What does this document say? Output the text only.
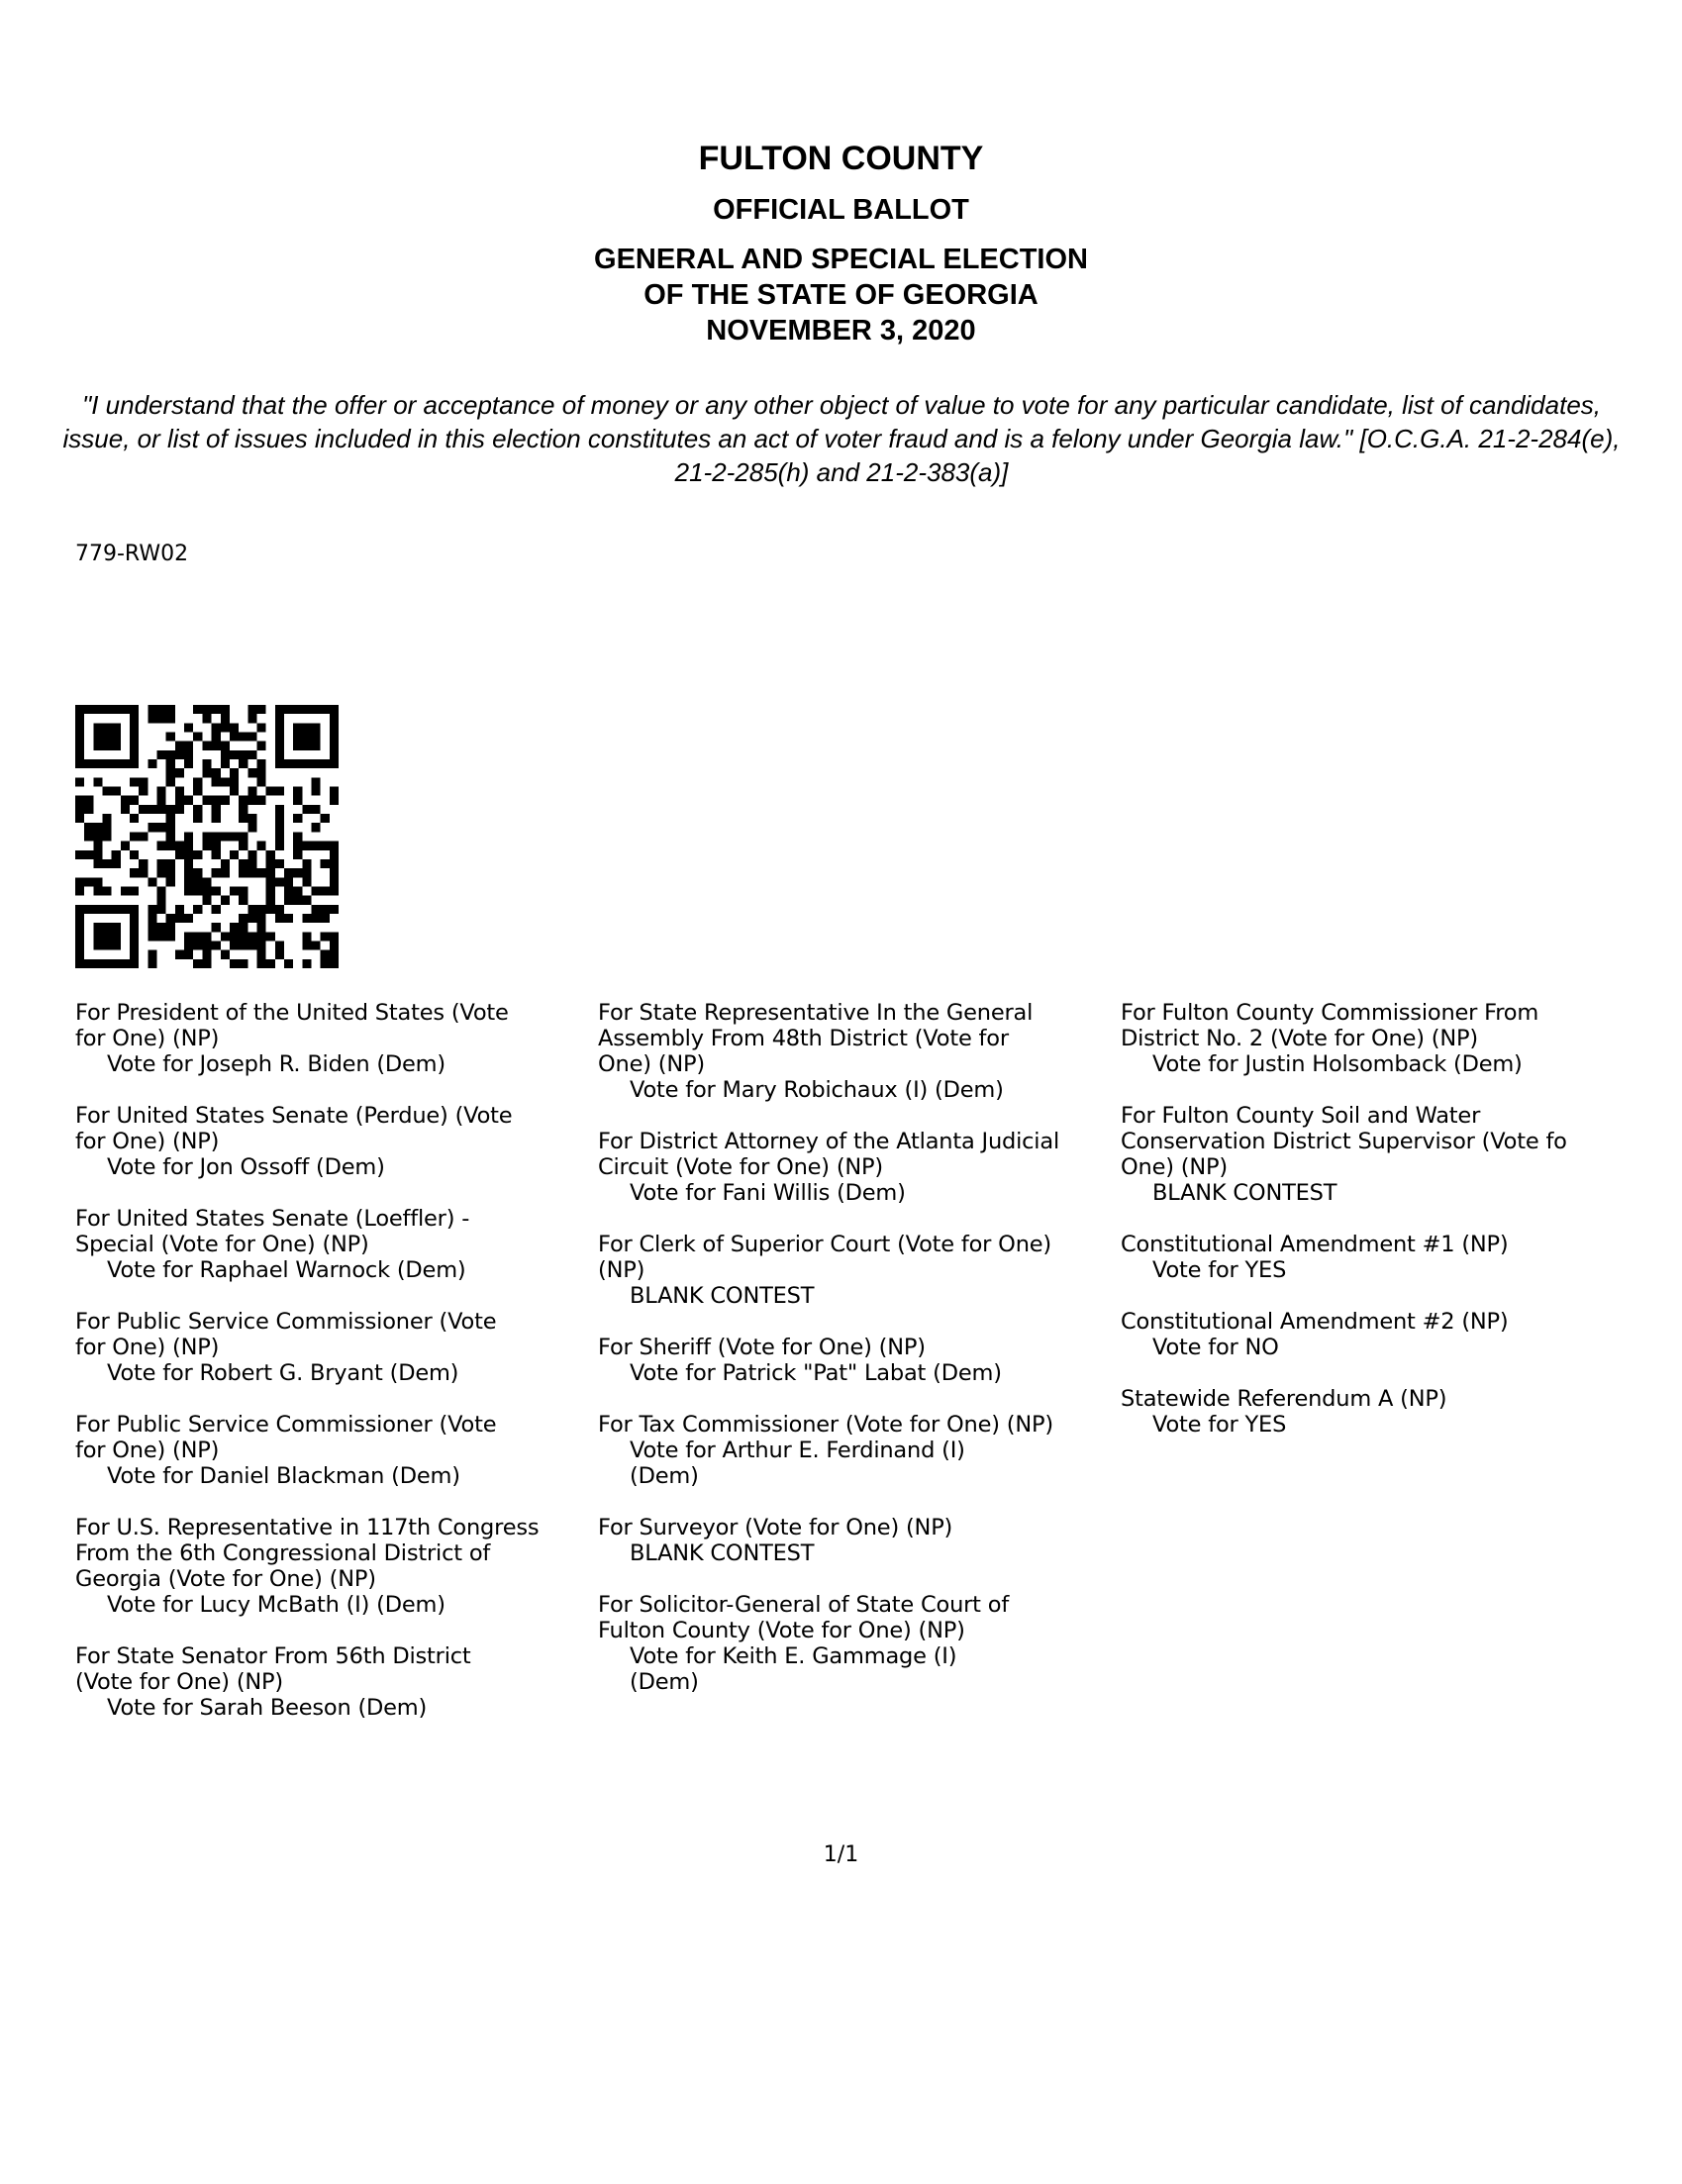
FULTON COUNTY
OFFICIAL BALLOT
GENERAL AND SPECIAL ELECTION
OF THE STATE OF GEORGIA
NOVEMBER 3, 2020
"I understand that the offer or acceptance of money or any other object of value to vote for any particular candidate, list of candidates, issue, or list of issues included in this election constitutes an act of voter fraud and is a felony under Georgia law." [O.C.G.A. 21-2-284(e), 21-2-285(h) and 21-2-383(a)]
779-RW02
For President of the United States (Vote
for One) (NP)
Vote for Joseph R. Biden (Dem)
For United States Senate (Perdue) (Vote
for One) (NP)
Vote for Jon Ossoff (Dem)
For United States Senate (Loeffler) -
Special (Vote for One) (NP)
Vote for Raphael Warnock (Dem)
For Public Service Commissioner (Vote
for One) (NP)
Vote for Robert G. Bryant (Dem)
For Public Service Commissioner (Vote
for One) (NP)
Vote for Daniel Blackman (Dem)
For U.S. Representative in 117th Congress
From the 6th Congressional District of
Georgia (Vote for One) (NP)
Vote for Lucy McBath (I) (Dem)
For State Senator From 56th District
(Vote for One) (NP)
Vote for Sarah Beeson (Dem)
For State Representative In the General
Assembly From 48th District (Vote for
One) (NP)
Vote for Mary Robichaux (I) (Dem)
For District Attorney of the Atlanta Judicial
Circuit (Vote for One) (NP)
Vote for Fani Willis (Dem)
For Clerk of Superior Court (Vote for One)
(NP)
BLANK CONTEST
For Sheriff (Vote for One) (NP)
Vote for Patrick "Pat" Labat (Dem)
For Tax Commissioner (Vote for One) (NP)
Vote for Arthur E. Ferdinand (I)
(Dem)
For Surveyor (Vote for One) (NP)
BLANK CONTEST
For Solicitor-General of State Court of
Fulton County (Vote for One) (NP)
Vote for Keith E. Gammage (I)
(Dem)
For Fulton County Commissioner From
District No. 2 (Vote for One) (NP)
Vote for Justin Holsomback (Dem)
For Fulton County Soil and Water
Conservation District Supervisor (Vote fo
One) (NP)
BLANK CONTEST
Constitutional Amendment #1 (NP)
Vote for YES
Constitutional Amendment #2 (NP)
Vote for NO
Statewide Referendum A (NP)
Vote for YES
1/1
